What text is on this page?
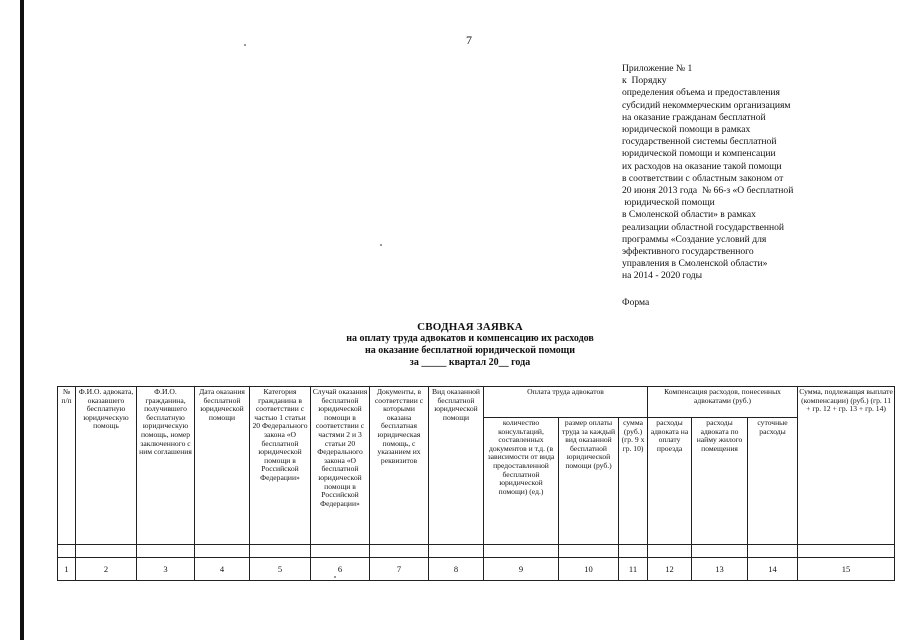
7
Приложение № 1
к  Порядку
определения объема и предоставления
субсидий некоммерческим организациям
на оказание гражданам бесплатной
юридической помощи в рамках
государственной системы бесплатной
юридической помощи и компенсации
их расходов на оказание такой помощи
в соответствии с областным законом от
20 июня 2013 года  № 66-з «О бесплатной
юридической помощи
в Смоленской области» в рамках
реализации областной государственной
программы «Создание условий для
эффективного государственного
управления в Смоленской области»
на 2014 - 2020 годы
Форма
СВОДНАЯ ЗАЯВКА
на оплату труда адвокатов и компенсацию их расходов
на оказание бесплатной юридической помощи
за _____ квартал 20__ года
№ п/п	Ф.И.О. адвоката, оказавшего бесплатную юридическую помощь	Ф.И.О. гражданина, получившего бесплатную юридическую помощь, номер заключенного с ним соглашения	Дата оказания бесплатной юридической помощи	Категория гражданина в соответствии с частью 1 статьи 20 Федерального закона «О бесплатной юридической помощи в Российской Федерации»	Случай оказания бесплатной юридической помощи в соответствии с частями 2 и 3 статьи 20 Федерального закона «О бесплатной юридической помощи в Российской Федерации»	Документы, в соответствии с которыми оказана бесплатная юридическая помощь, с указанием их реквизитов	Вид оказанной бесплатной юридической помощи	Оплата труда адвокатов			Компенсация расходов, понесенных адвокатами (руб.)			Сумма, подлежащая выплате (компенсации) (руб.) (гр. 11 + гр. 12 + гр. 13 + гр. 14)
								количество консультаций, составленных документов и т.д. (в зависимости от вида предоставленной бесплатной юридической помощи) (ед.)	размер оплаты труда за каждый вид оказанной бесплатной юридической помощи (руб.)	сумма (руб.) (гр. 9 х гр. 10)	расходы адвоката на оплату проезда	расходы адвоката по найму жилого помещения	суточные расходы	

1	2	3	4	5	6	7	8	9	10	11	12	13	14	15
